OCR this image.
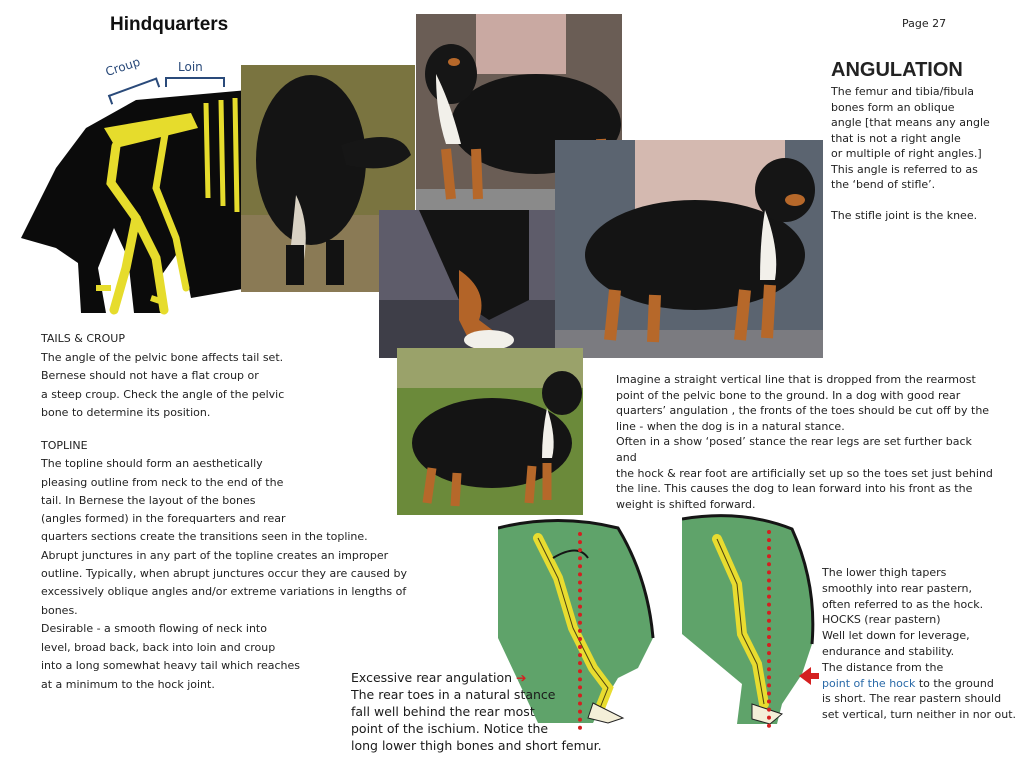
Hindquarters	Page 27
Croup	Loin	ANGULATION

The femur and tibia/fibula

bones form an oblique

angle [that means any angle

that is not a right angle

or multiple of right angles.]

This angle is referred to as

the ‘bend of stifle’.

The stifle joint is the knee.

TAILS & CROUP

The angle of the pelvic bone affects tail set.

Bernese should not have a flat croup or

a steep croup. Check the angle of the pelvic

bone to determine its position.

TOPLINE

The topline should form an aesthetically

pleasing outline from neck to the end of the

tail. In Bernese the layout of the bones

(angles formed) in the forequarters and rear

quarters sections create the transitions seen in the topline.

Abrupt junctures in any part of the topline creates an improper

outline. Typically, when abrupt junctures occur they are caused by

excessively oblique angles and/or extreme variations in lengths of bones.

Desirable - a smooth flowing of neck into

level, broad back, back into loin and croup

into a long somewhat heavy tail which reaches

at a minimum to the hock joint.

Imagine a straight vertical line that is dropped from the rearmost

point of the pelvic bone to the ground. In a dog with good rear

quarters’ angulation , the fronts of the toes should be cut off by the

line - when the dog is in a natural stance.

Often in a show ‘posed’ stance the rear legs are set further back and

the hock & rear foot are artificially set up so the toes set just behind

the line. This causes the dog to lean forward into his front as the

weight is shifted forward.

Excessive rear angulation ➔

The rear toes in a natural stance

fall well behind the rear most

point of the ischium. Notice the

long lower thigh bones and short femur.

The lower thigh tapers

smoothly into rear pastern,

often referred to as the hock.

HOCKS (rear pastern)

Well let down for leverage,

endurance and stability.

The distance from the

point of the hock to the ground

is short. The rear pastern should

set vertical, turn neither in nor out.
